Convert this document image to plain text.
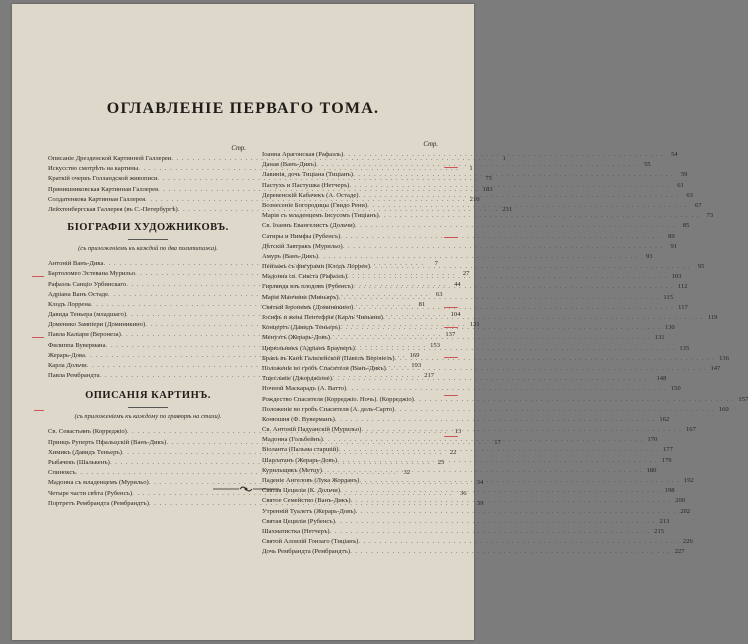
ОГЛАВЛЕНІЕ ПЕРВАГО ТОМА.
Стр.
Описаніе Дрезденской Картинной Галлереи . . .	1
Искусство смотрѣть на картины . . .	1
Краткій очеркъ Голландской живописи . . .	75
Прянишниковская Картинная Галлерея . . .	183
Солдатенкова Картинная Галлерея . . .	210
Лейхтенбергская Галлерея (въ С.-Петербургѣ) . . .	231
БІОГРАФІИ ХУДОЖНИКОВЪ.
(съ приложеніемъ къ каждой по два политипажа).
Антоній Ванъ-Дика . . .	7
Бартоломео Эстевана Мурильо . . .	27
Рафаэль Санціо Урбинскаго . . .	44
Адріана Ванъ Остаде . . .	63
Клодъ Лоррена . . .	81
Давида Теньера (младшаго) . . .	104
Доменико Зампіери (Доминикино) . . .	121
Павла Каліари (Веронеза) . . .	137
Филиппа Вувермана . . .	153
Жерарь-Дова . . .	169
Карла Дольчи . . .	193
Павла Рембрандта . . .	217
ОПИСАНІЯ КАРТИНЪ.
(съ приложеніемъ къ каждому по гравюрѣ на стали).
Св. Севастьянъ (Корреджіо) . . .	13
Принцъ Руперть Пфальцскій (Ванъ-Дикъ) . . .	17
Химикъ (Давидъ Теньеръ) . . .	22
Рыбачекъ (Шалькенъ) . . .	25
Спиноксъ . . .	32
Мадонна съ младенцемъ (Мурильо) . . .	34
Четыре части свѣта (Рубенсъ) . . .	36
Портретъ Рембрандта (Рембрандтъ) . . .	39
Стр.
Іоанна Арагонская (Рафаэль) . . .	54
Даная (Ванъ-Дикъ) . . .	55
Лавинія, дочь Тиціана (Тиціанъ) . . .	59
Пастухъ и Пастушка (Нетчеръ) . . .	61
Деревенскій Кабачекъ (А. Остаде) . . .	63
Вознесеніе Богородицы (Гвидо Рени) . . .	67
Марія съ младенцемъ Іисусомъ (Тиціанъ) . . .	73
Св. Іоаннъ Евангелистъ (Дольчи) . . .	85
Сатиры и Нимфы (Рубенсъ) . . .	89
Дѣтскій Завтракъ (Мурильо) . . .	91
Амуръ (Ванъ-Дикъ) . . .	93
Пейзажъ съ фигурами (Клодъ Лоррен) . . .	95
Мадонна св. Сикста (Рафаэль) . . .	103
Гирлянда изъ плодовъ (Рубенсъ) . . .	112
Марія Манчини (Миньяръ) . . .	115
Святый Іеронимъ (Доминикино) . . .	117
Іосифъ и жена Пентефрія (Карлъ Чиньяни) . . .	119
Концертъ (Давидъ Теньеръ) . . .	130
Менуэтъ (Жерарь-Довъ) . . .	131
Цирюльникъ (Адріанъ Брауверъ) . . .	135
Бракъ въ Канѣ Галилейской (Павелъ Веронезъ) . . .	136
Положеніе во гробъ Спасителя (Ванъ-Дикъ) . . .	147
Тщеславіе (Джорджіоне) . . .	148
Ночной Маскарадъ (А. Ватто) . . .	150
Рождество Спасителя (Корреджіо. Ночь). (Корреджіо) . . .	157
Положеніе во гробъ Спасителя (А. дель-Сарто) . . .	160
Конюшня (Ф. Вуверманъ) . . .	162
Св. Антоній Падуанскій (Мурильо) . . .	167
Мадонна (Гольбейнъ) . . .	170
Віоланта (Пальма старшій) . . .	177
Шарлатанъ (Жерарь-Довъ) . . .	179
Курильщикъ (Метцу) . . .	180
Паденіе Ангеловъ (Лука Жорданъ) . . .	192
Святая Цецилія (К. Дольчи) . . .	198
Святое Семейство (Ванъ-Дикъ) . . .	200
Утренній Туалетъ (Жерарь-Довъ) . . .	202
Святая Цецилія (Рубенсъ) . . .	213
Шахматистка (Нетчеръ) . . .	215
Святой Алоизій Гонзаго (Тиціанъ) . . .	226
Дочь Рембрандта (Рембрандтъ) . . .	227
